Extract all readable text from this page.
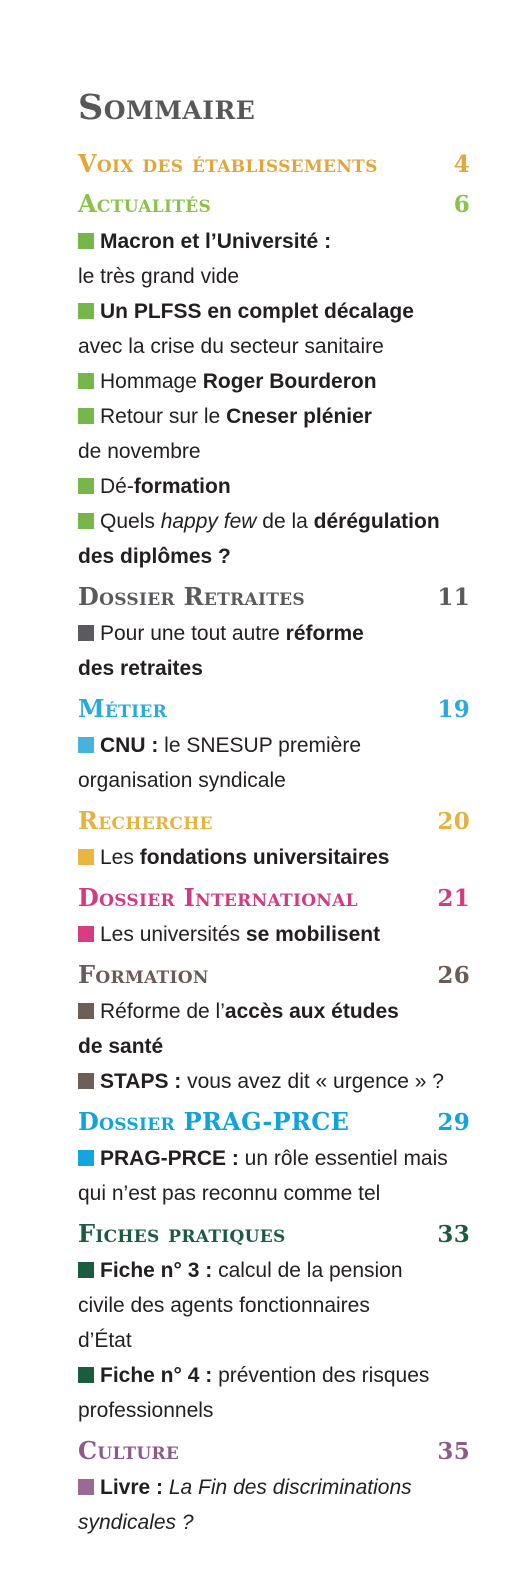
Sommaire
Voix des établissements	4
Actualités	6
Macron et l’Université :
le très grand vide
Un PLFSS en complet décalage
avec la crise du secteur sanitaire
Hommage Roger Bourderon
Retour sur le Cneser plénier
de novembre
Dé-formation
Quels happy few de la dérégulation
des diplômes ?
Dossier Retraites	11
Pour une tout autre réforme
des retraites
Métier	19
CNU : le SNESUP première
organisation syndicale
Recherche	20
Les fondations universitaires
Dossier International	21
Les universités se mobilisent
Formation	26
Réforme de l’accès aux études
de santé
STAPS : vous avez dit « urgence » ?
Dossier PRAG-PRCE	29
PRAG-PRCE : un rôle essentiel mais
qui n’est pas reconnu comme tel
Fiches pratiques	33
Fiche n° 3 : calcul de la pension
civile des agents fonctionnaires
d’État
Fiche n° 4 : prévention des risques
professionnels
Culture	35
Livre : La Fin des discriminations
syndicales ?
